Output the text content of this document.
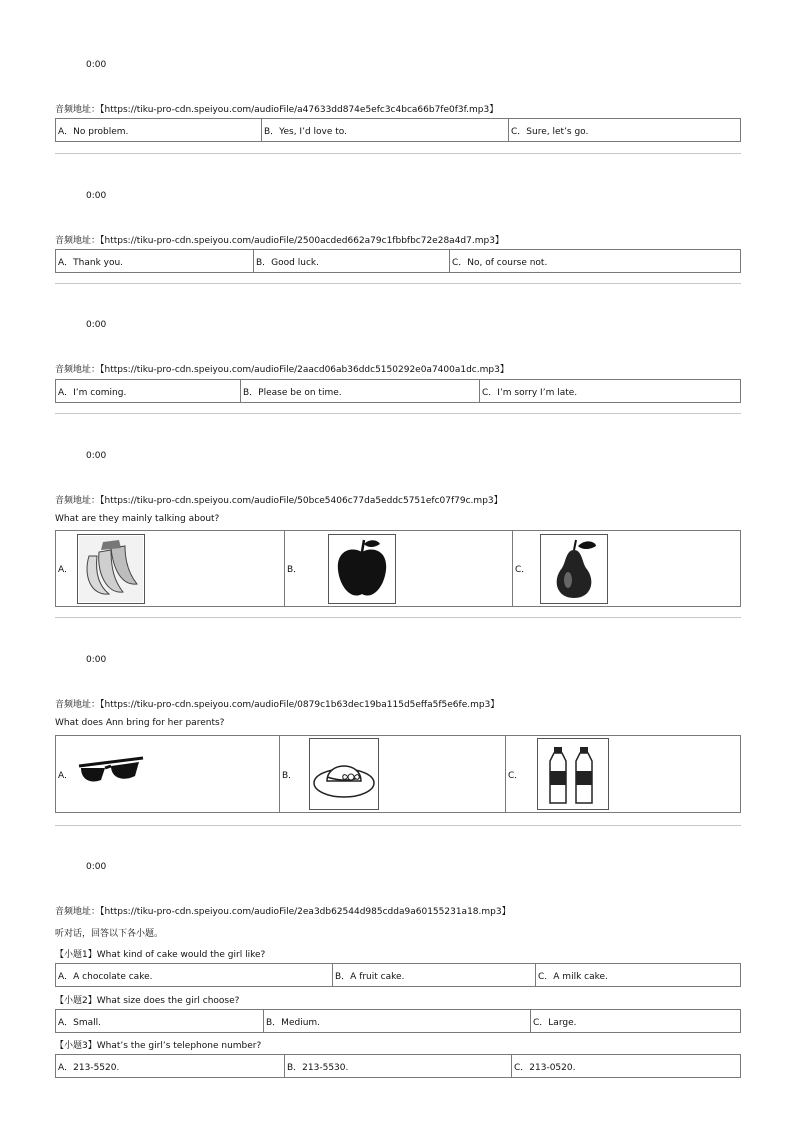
0:00
音频地址：【https://tiku-pro-cdn.speiyou.com/audioFile/a47633dd874e5efc3c4bca66b7fe0f3f.mp3】
A．No problem.	B．Yes, I’d love to.	C．Sure, let’s go.
0:00
音频地址：【https://tiku-pro-cdn.speiyou.com/audioFile/2500acded662a79c1fbbfbc72e28a4d7.mp3】
A．Thank you.	B．Good luck.	C．No, of course not.
0:00
音频地址：【https://tiku-pro-cdn.speiyou.com/audioFile/2aacd06ab36ddc5150292e0a7400a1dc.mp3】
A．I’m coming.	B．Please be on time.	C．I’m sorry I’m late.
0:00
音频地址：【https://tiku-pro-cdn.speiyou.com/audioFile/50bce5406c77da5eddc5751efc07f79c.mp3】
What are they mainly talking about?
A．	B．	C．
0:00
音频地址：【https://tiku-pro-cdn.speiyou.com/audioFile/0879c1b63dec19ba115d5effa5f5e6fe.mp3】
What does Ann bring for her parents?
A．	B．	C．
0:00
音频地址：【https://tiku-pro-cdn.speiyou.com/audioFile/2ea3db62544d985cdda9a60155231a18.mp3】
听对话，回答以下各小题。
【小题1】What kind of cake would the girl like?
A．A chocolate cake.	B．A fruit cake.	C．A milk cake.
【小题2】What size does the girl choose?
A．Small.	B．Medium.	C．Large.
【小题3】What’s the girl’s telephone number?
A．213-5520.	B．213-5530.	C．213-0520.
